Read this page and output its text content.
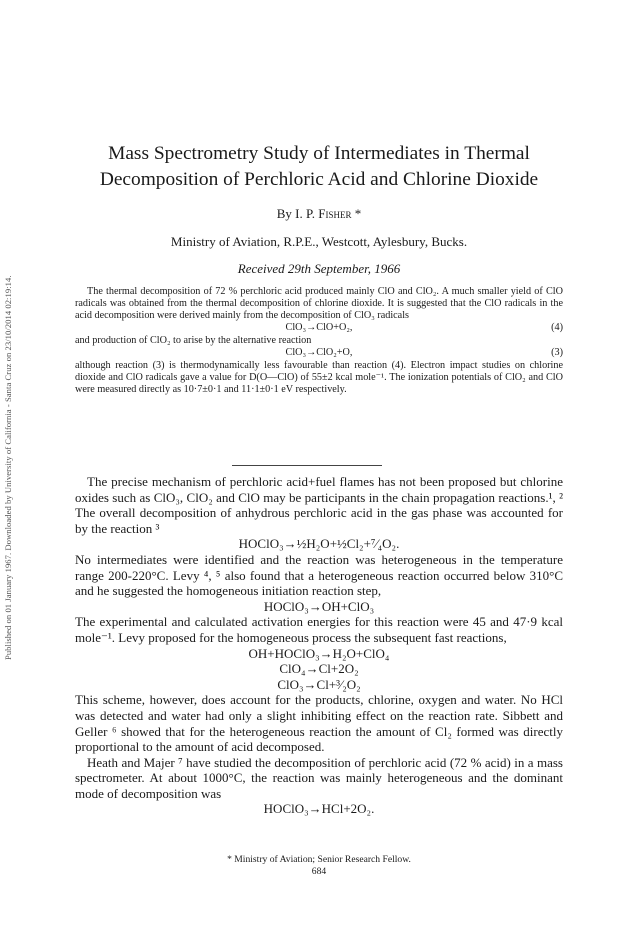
Published on 01 January 1967. Downloaded by University of California - Santa Cruz on 23/10/2014 02:19:14.
Mass Spectrometry Study of Intermediates in Thermal
Decomposition of Perchloric Acid and Chlorine Dioxide
By I. P. Fisher *
Ministry of Aviation, R.P.E., Westcott, Aylesbury, Bucks.
Received 29th September, 1966

The thermal decomposition of 72 % perchloric acid produced mainly ClO and ClO₂. A much smaller yield of ClO radicals was obtained from the thermal decomposition of chlorine dioxide. It is suggested that the ClO radicals in the acid decomposition were derived mainly from the decomposition of ClO₃ radicals

ClO₃→ClO+O₂,	(4)

and production of ClO₂ to arise by the alternative reaction

ClO₃→ClO₂+O,	(3)

although reaction (3) is thermodynamically less favourable than reaction (4). Electron impact studies on chlorine dioxide and ClO radicals gave a value for D(O—ClO) of 55±2 kcal mole⁻¹. The ionization potentials of ClO₂ and ClO were measured directly as 10·7±0·1 and 11·1±0·1 eV respectively.

The precise mechanism of perchloric acid+fuel flames has not been proposed but chlorine oxides such as ClO₃, ClO₂ and ClO may be participants in the chain propagation reactions.¹, ² The overall decomposition of anhydrous perchloric acid in the gas phase was accounted for by the reaction ³

HOClO₃→½H₂O+½Cl₂+⁷⁄₄O₂.

No intermediates were identified and the reaction was heterogeneous in the temperature range 200-220°C. Levy ⁴, ⁵ also found that a heterogeneous reaction occurred below 310°C and he suggested the homogeneous initiation reaction step,

HOClO₃→OH+ClO₃

The experimental and calculated activation energies for this reaction were 45 and 47·9 kcal mole⁻¹. Levy proposed for the homogeneous process the subsequent fast reactions,

OH+HOClO₃→H₂O+ClO₄

ClO₄→Cl+2O₂

ClO₃→Cl+³⁄₂O₂

This scheme, however, does account for the products, chlorine, oxygen and water. No HCl was detected and water had only a slight inhibiting effect on the reaction rate. Sibbett and Geller ⁶ showed that for the heterogeneous reaction the amount of Cl₂ formed was directly proportional to the amount of acid decomposed.

Heath and Majer ⁷ have studied the decomposition of perchloric acid (72 % acid) in a mass spectrometer. At about 1000°C, the reaction was mainly heterogeneous and the dominant mode of decomposition was

HOClO₃→HCl+2O₂.

* Ministry of Aviation; Senior Research Fellow.
684
